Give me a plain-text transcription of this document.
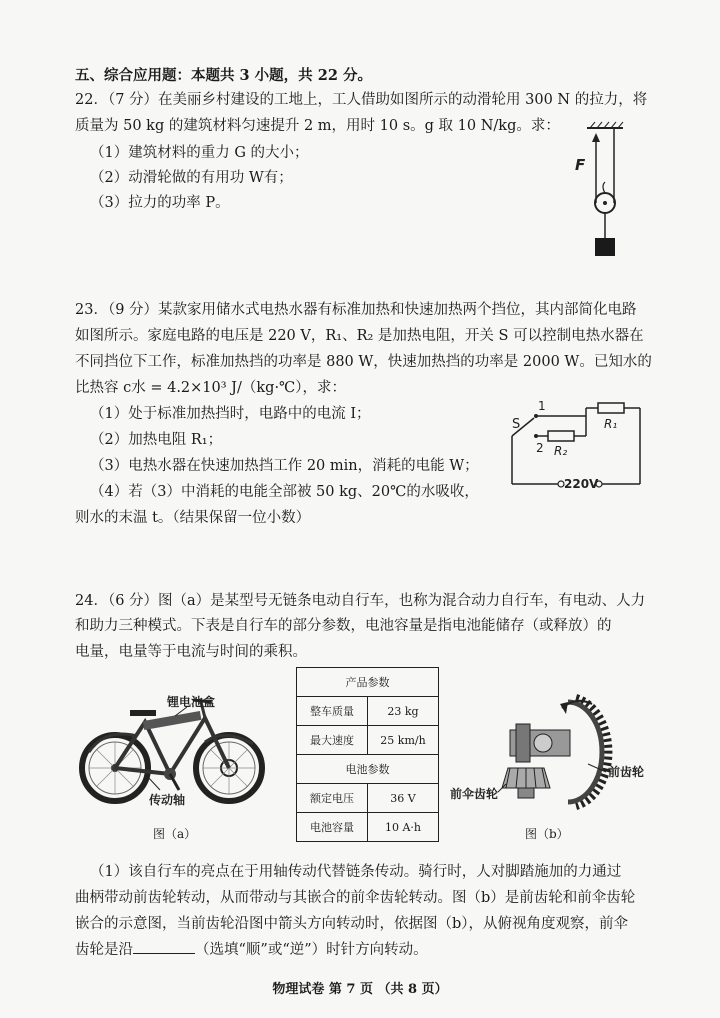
五、综合应用题：本题共 3 小题，共 22 分。
22．（7 分）在美丽乡村建设的工地上，工人借助如图所示的动滑轮用 300 N 的拉力，将
质量为 50 kg 的建筑材料匀速提升 2 m，用时 10 s。g 取 10 N/kg。求：
（1）建筑材料的重力 G 的大小；
（2）动滑轮做的有用功 W有；
（3）拉力的功率 P。
F
23．（9 分）某款家用储水式电热水器有标准加热和快速加热两个挡位，其内部简化电路
如图所示。家庭电路的电压是 220 V，R₁、R₂ 是加热电阻，开关 S 可以控制电热水器在
不同挡位下工作，标准加热挡的功率是 880 W，快速加热挡的功率是 2000 W。已知水的
比热容 c水 = 4.2×10³ J/（kg·℃），求：
（1）处于标准加热挡时，电路中的电流 I；
（2）加热电阻 R₁；
（3）电热水器在快速加热挡工作 20 min，消耗的电能 W；
（4）若（3）中消耗的电能全部被 50 kg、20℃的水吸收，
则水的末温 t。（结果保留一位小数）
S
1
2
R₁
R₂
220V
24．（6 分）图（a）是某型号无链条电动自行车，也称为混合动力自行车，有电动、人力
和助力三种模式。下表是自行车的部分参数，电池容量是指电池能储存（或释放）的
电量，电量等于电流与时间的乘积。
锂电池盒
传动轴
图（a）
产品参数	
整车质量	23 kg
最大速度	25 km/h
电池参数	
额定电压	36 V
电池容量	10 A·h
前齿轮
前伞齿轮
图（b）
（1）该自行车的亮点在于用轴传动代替链条传动。骑行时，人对脚踏施加的力通过
曲柄带动前齿轮转动，从而带动与其嵌合的前伞齿轮转动。图（b）是前齿轮和前伞齿轮
嵌合的示意图，当前齿轮沿图中箭头方向转动时，依据图（b），从俯视角度观察，前伞
齿轮是沿	（选填“顺”或“逆”）时针方向转动。
物理试卷 第 7 页 （共 8 页）
